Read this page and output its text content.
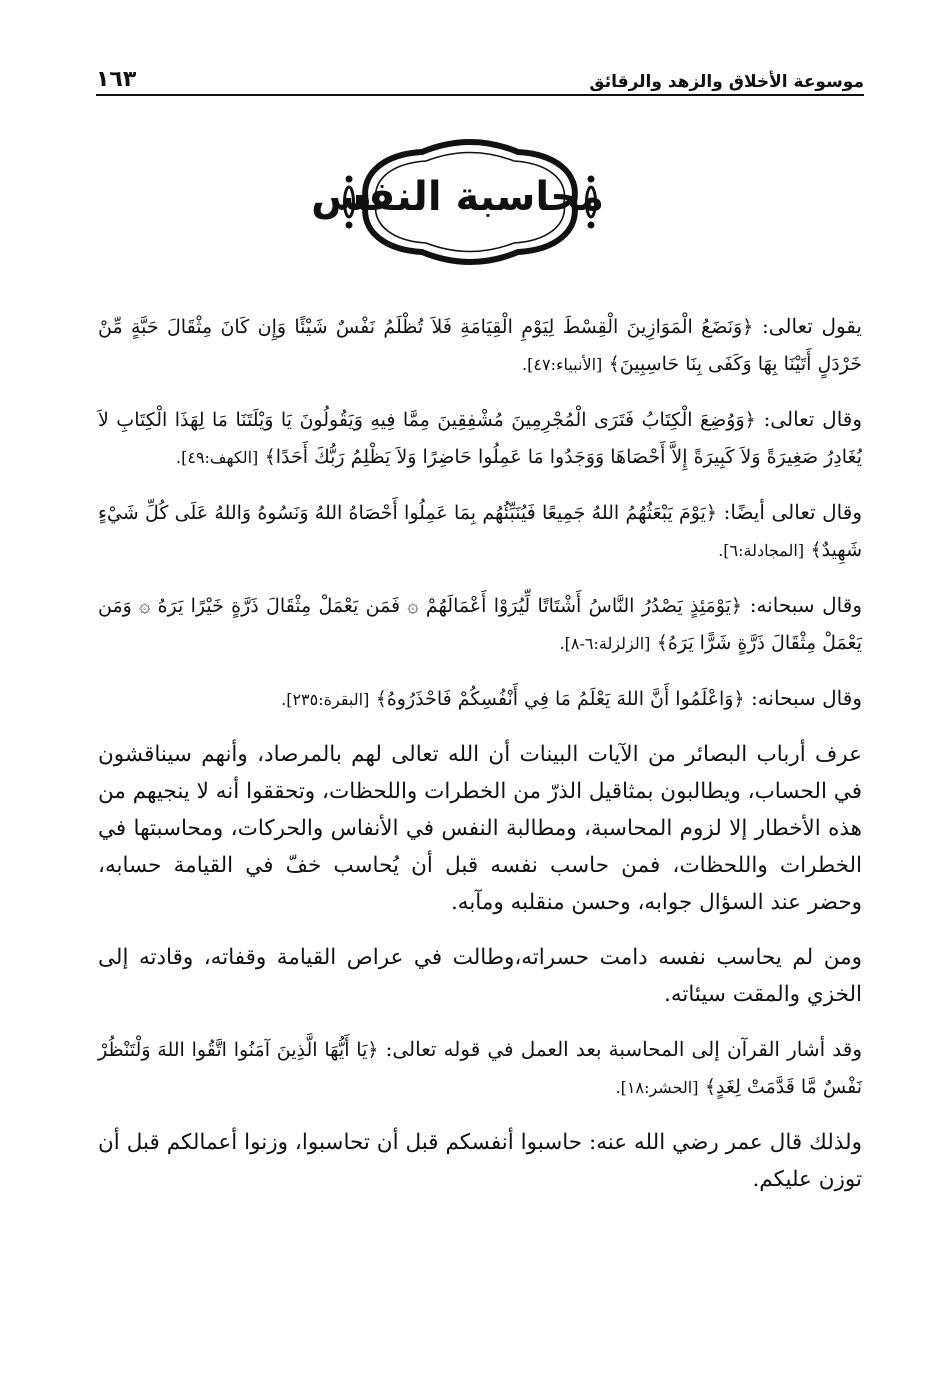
موسوعة الأخلاق والزهد والرقائق
١٦٣
محاسبة النفس

يقول تعالى: ﴿وَنَضَعُ الْمَوَازِينَ الْقِسْطَ لِيَوْمِ الْقِيَامَةِ فَلاَ تُظْلَمُ نَفْسٌ شَيْئًا وَإِن كَانَ مِثْقَالَ حَبَّةٍ مِّنْ خَرْدَلٍ أَتَيْنَا بِهَا وَكَفَى بِنَا حَاسِبِينَ﴾ [الأنبياء:٤٧].

وقال تعالى: ﴿وَوُضِعَ الْكِتَابُ فَتَرَى الْمُجْرِمِينَ مُشْفِقِينَ مِمَّا فِيهِ وَيَقُولُونَ يَا وَيْلَتَنَا مَا لِهَذَا الْكِتَابِ لاَ يُغَادِرُ صَغِيرَةً وَلاَ كَبِيرَةً إِلاَّ أَحْصَاهَا وَوَجَدُوا مَا عَمِلُوا حَاضِرًا وَلاَ يَظْلِمُ رَبُّكَ أَحَدًا﴾ [الكهف:٤٩].

وقال تعالى أيضًا: ﴿يَوْمَ يَبْعَثُهُمُ اللهُ جَمِيعًا فَيُنَبِّئُهُم بِمَا عَمِلُوا أَحْصَاهُ اللهُ وَنَسُوهُ وَاللهُ عَلَى كُلِّ شَيْءٍ شَهِيدٌ﴾ [المجادلة:٦].

وقال سبحانه: ﴿يَوْمَئِذٍ يَصْدُرُ النَّاسُ أَشْتَاتًا لِّيُرَوْا أَعْمَالَهُمْ ۞ فَمَن يَعْمَلْ مِثْقَالَ ذَرَّةٍ خَيْرًا يَرَهُ ۞ وَمَن يَعْمَلْ مِثْقَالَ ذَرَّةٍ شَرًّا يَرَهُ﴾ [الزلزلة:٦-٨].

وقال سبحانه: ﴿وَاعْلَمُوا أَنَّ اللهَ يَعْلَمُ مَا فِي أَنْفُسِكُمْ فَاحْذَرُوهُ﴾ [البقرة:٢٣٥].

عرف أرباب البصائر من الآيات البينات أن الله تعالى لهم بالمرصاد، وأنهم سيناقشون في الحساب، ويطالبون بمثاقيل الذرّ من الخطرات واللحظات، وتحققوا أنه لا ينجيهم من هذه الأخطار إلا لزوم المحاسبة، ومطالبة النفس في الأنفاس والحركات، ومحاسبتها في الخطرات واللحظات، فمن حاسب نفسه قبل أن يُحاسب خفّ في القيامة حسابه، وحضر عند السؤال جوابه، وحسن منقلبه ومآبه.

ومن لم يحاسب نفسه دامت حسراته،وطالت في عراص القيامة وقفاته، وقادته إلى الخزي والمقت سيئاته.

وقد أشار القرآن إلى المحاسبة بعد العمل في قوله تعالى: ﴿يَا أَيُّهَا الَّذِينَ آمَنُوا اتَّقُوا اللهَ وَلْتَنْظُرْ نَفْسٌ مَّا قَدَّمَتْ لِغَدٍ﴾ [الحشر:١٨].

ولذلك قال عمر رضي الله عنه: حاسبوا أنفسكم قبل أن تحاسبوا، وزنوا أعمالكم قبل أن توزن عليكم.
